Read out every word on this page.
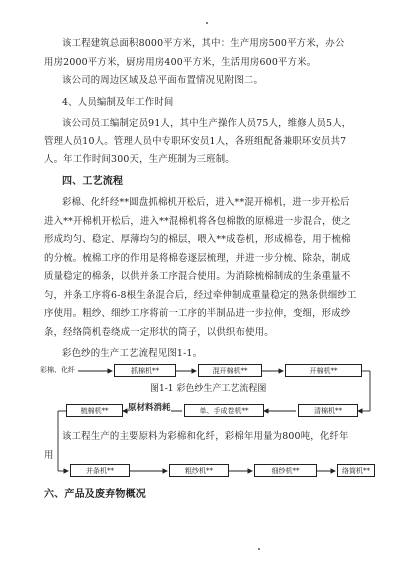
该工程建筑总面积8000平方米，其中：生产用房500平方米，办公
用房2000平方米，厨房用房400平方米，生活用房600平方米。
该公司的周边区域及总平面布置情况见附图二。
4、人员编制及年工作时间
该公司员工编制定员91人，其中生产操作人员75人，维修人员5人，
管理人员10人。管理人员中专职环安员1人，各班组配备兼职环安员共7
人。年工作时间300天，生产班制为三班制。
四、工艺流程
彩棉、化纤经**圆盘抓棉机开松后，进入**混开棉机，进一步开松后
进入**开棉机开松后，进入**混棉机将各包棉散的原棉进一步混合，使之
形成均匀、稳定、厚薄均匀的棉层，喂入**成卷机，形成棉卷，用于梳棉
的分梳。梳棉工序的作用是将棉卷逐层梳理，并进一步分梳、除杂，制成
质量稳定的棉条，以供并条工序混合使用。为消除梳棉制成的生条重量不
匀，并条工序将6-8根生条混合后，经过牵伸制成重量稳定的熟条供细纱工
序使用。粗纱、细纱工序将前一工序的半制品进一步拉伸，变细，形成纱
条，经络筒机卷绕成一定形状的筒子，以供织布使用。
彩色纱的生产工艺流程见图1-1。
彩棉、化纤	抓棉机**	混开棉机**	开棉机**
图1-1 彩色纱生产工艺流程图
梳棉机**	单、手成卷机**	清棉机**
原材料消耗
该工程生产的主要原料为彩棉和化纤，彩棉年用量为800吨，化纤年
用
并条机**	粗纱机**	细纱机**	络筒机**
六、产品及废弃物概况
